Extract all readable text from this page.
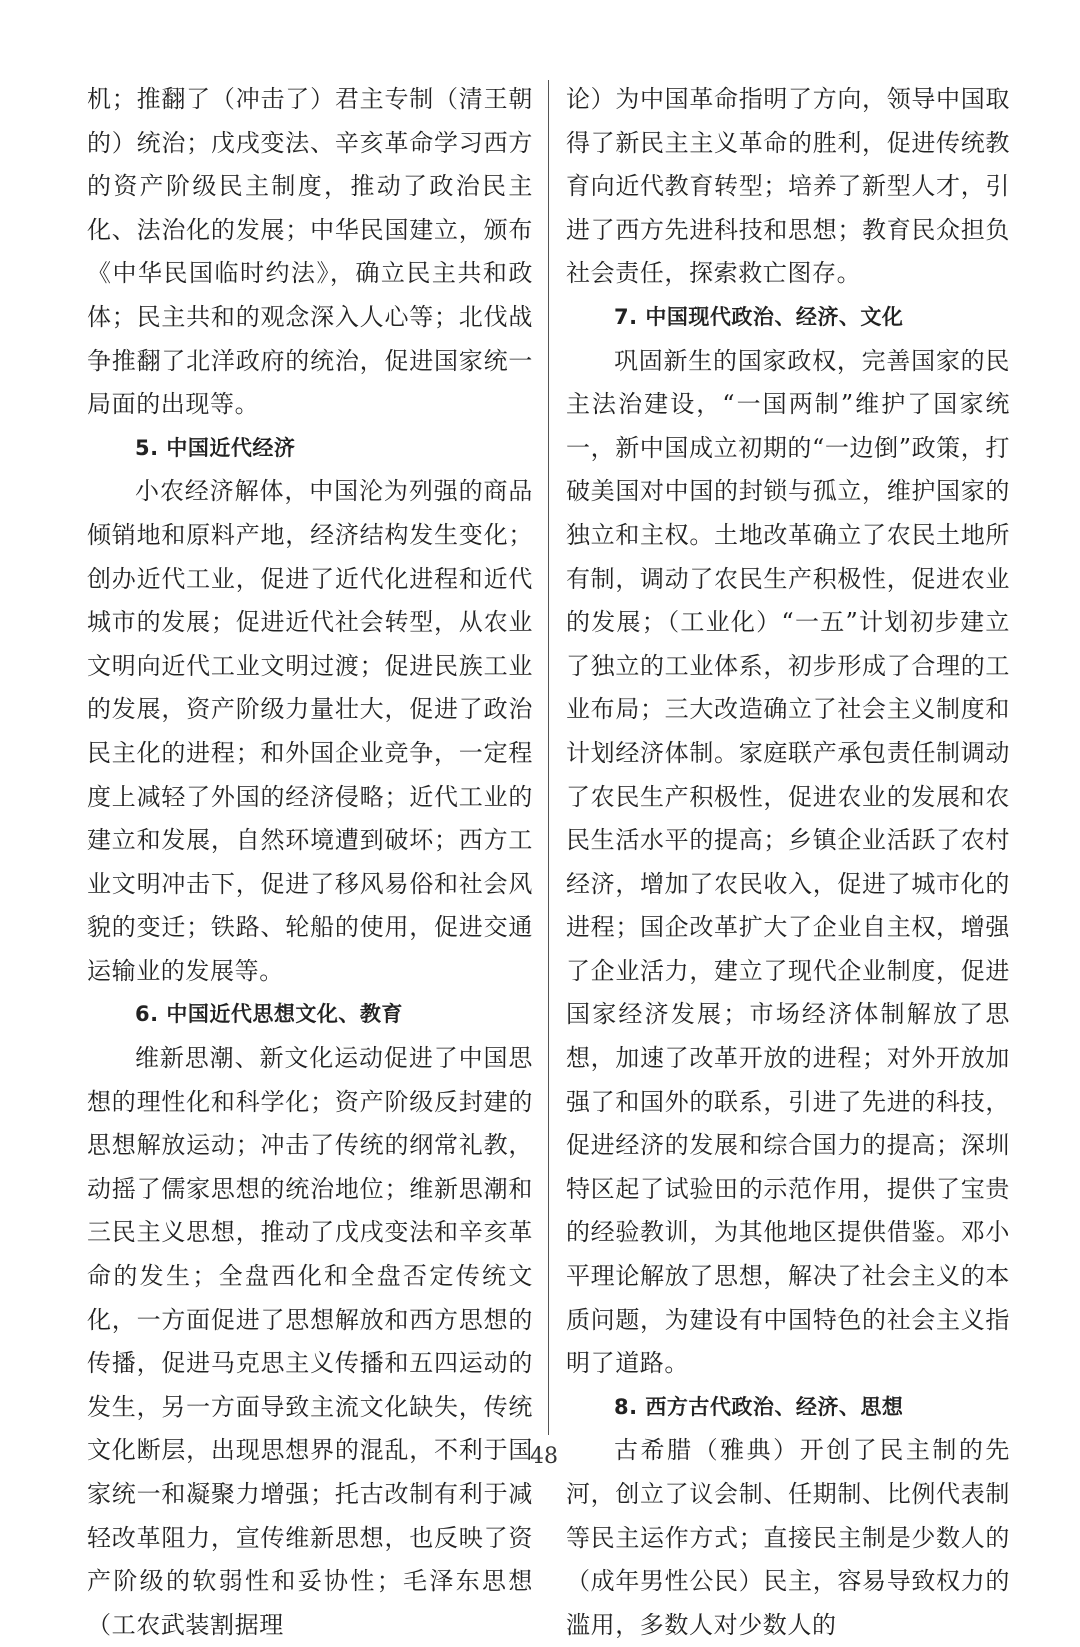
机；推翻了（冲击了）君主专制（清王朝的）统治；戊戌变法、辛亥革命学习西方的资产阶级民主制度，推动了政治民主化、法治化的发展；中华民国建立，颁布《中华民国临时约法》，确立民主共和政体；民主共和的观念深入人心等；北伐战争推翻了北洋政府的统治，促进国家统一局面的出现等。

5. 中国近代经济

小农经济解体，中国沦为列强的商品倾销地和原料产地，经济结构发生变化；创办近代工业，促进了近代化进程和近代城市的发展；促进近代社会转型，从农业文明向近代工业文明过渡；促进民族工业的发展，资产阶级力量壮大，促进了政治民主化的进程；和外国企业竞争，一定程度上减轻了外国的经济侵略；近代工业的建立和发展，自然环境遭到破坏；西方工业文明冲击下，促进了移风易俗和社会风貌的变迁；铁路、轮船的使用，促进交通运输业的发展等。

6. 中国近代思想文化、教育

维新思潮、新文化运动促进了中国思想的理性化和科学化；资产阶级反封建的思想解放运动；冲击了传统的纲常礼教，动摇了儒家思想的统治地位；维新思潮和三民主义思想，推动了戊戌变法和辛亥革命的发生；全盘西化和全盘否定传统文化，一方面促进了思想解放和西方思想的传播，促进马克思主义传播和五四运动的发生，另一方面导致主流文化缺失，传统文化断层，出现思想界的混乱，不利于国家统一和凝聚力增强；托古改制有利于减轻改革阻力，宣传维新思想，也反映了资产阶级的软弱性和妥协性；毛泽东思想（工农武装割据理

论）为中国革命指明了方向，领导中国取得了新民主主义革命的胜利，促进传统教育向近代教育转型；培养了新型人才，引进了西方先进科技和思想；教育民众担负社会责任，探索救亡图存。

7. 中国现代政治、经济、文化

巩固新生的国家政权，完善国家的民主法治建设，“一国两制”维护了国家统一，新中国成立初期的“一边倒”政策，打破美国对中国的封锁与孤立，维护国家的独立和主权。土地改革确立了农民土地所有制，调动了农民生产积极性，促进农业的发展；（工业化）“一五”计划初步建立了独立的工业体系，初步形成了合理的工业布局；三大改造确立了社会主义制度和计划经济体制。家庭联产承包责任制调动了农民生产积极性，促进农业的发展和农民生活水平的提高；乡镇企业活跃了农村经济，增加了农民收入，促进了城市化的进程；国企改革扩大了企业自主权，增强了企业活力，建立了现代企业制度，促进国家经济发展；市场经济体制解放了思想，加速了改革开放的进程；对外开放加强了和国外的联系，引进了先进的科技，促进经济的发展和综合国力的提高；深圳特区起了试验田的示范作用，提供了宝贵的经验教训，为其他地区提供借鉴。邓小平理论解放了思想，解决了社会主义的本质问题，为建设有中国特色的社会主义指明了道路。

8. 西方古代政治、经济、思想

古希腊（雅典）开创了民主制的先河，创立了议会制、任期制、比例代表制等民主运作方式；直接民主制是少数人的（成年男性公民）民主，容易导致权力的滥用，多数人对少数人的

48
